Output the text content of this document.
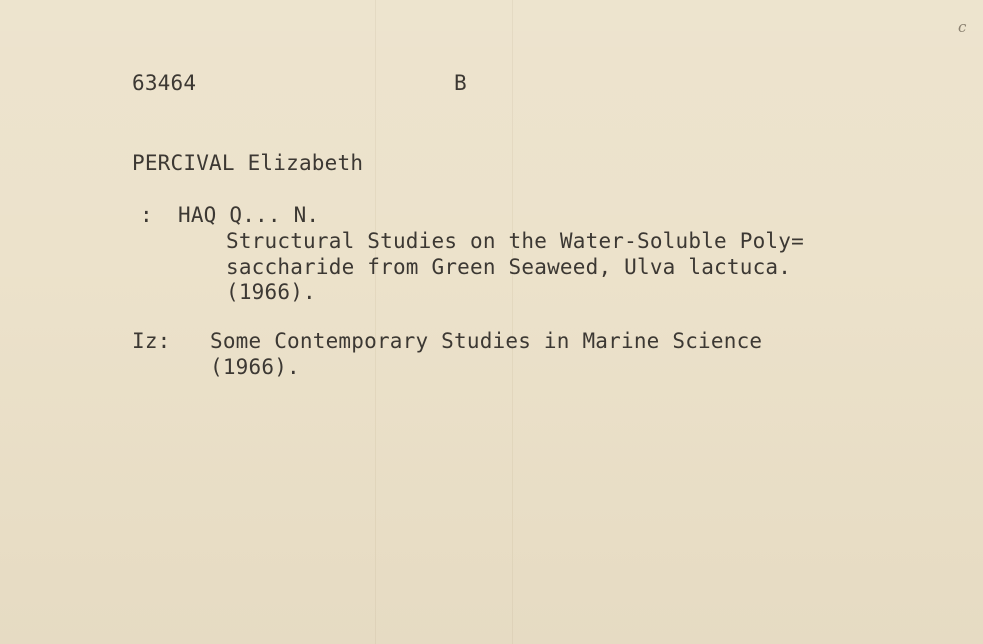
c
63464	B
PERCIVAL Elizabeth
: HAQ Q... N.
Structural Studies on the Water-Soluble Poly=
saccharide from Green Seaweed, Ulva lactuca.
(1966).
Iz: Some Contemporary Studies in Marine Science
(1966).
